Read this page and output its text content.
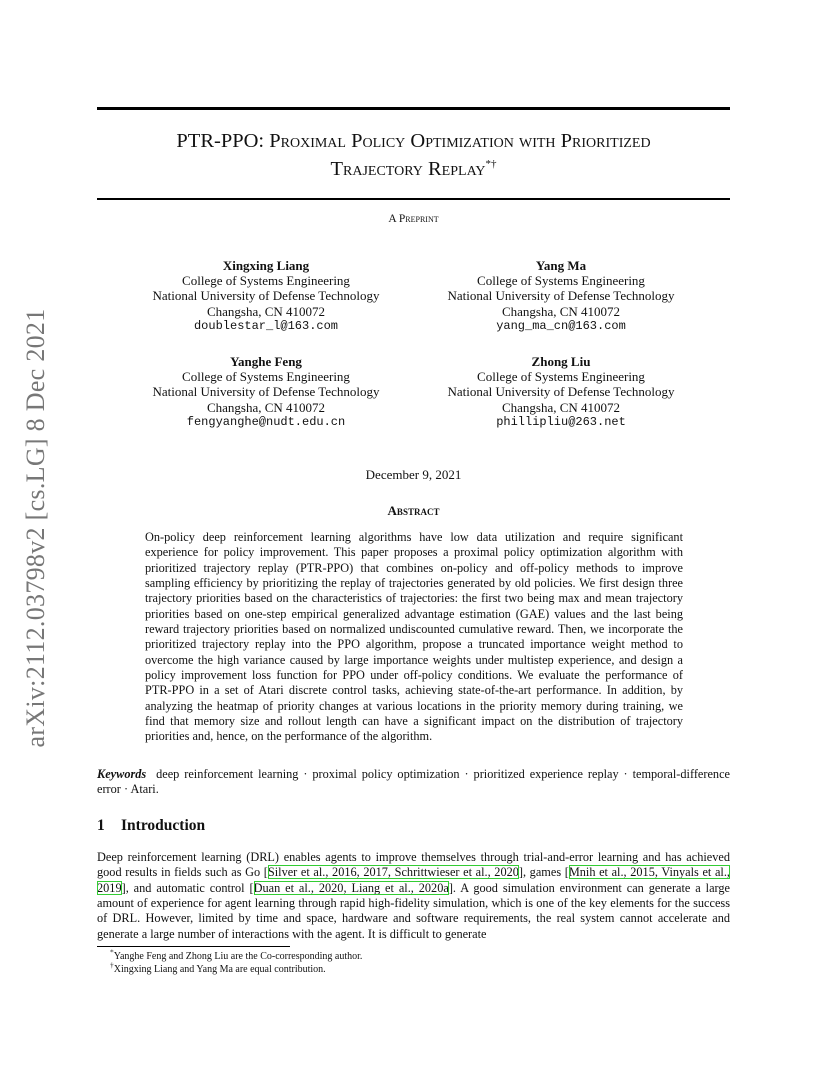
arXiv:2112.03798v2 [cs.LG] 8 Dec 2021
PTR-PPO: Proximal Policy Optimization with Prioritized
Trajectory Replay*†
A Preprint
Xingxing Liang
College of Systems Engineering
National University of Defense Technology
Changsha, CN 410072
doublestar_l@163.com
Yang Ma
College of Systems Engineering
National University of Defense Technology
Changsha, CN 410072
yang_ma_cn@163.com
Yanghe Feng
College of Systems Engineering
National University of Defense Technology
Changsha, CN 410072
fengyanghe@nudt.edu.cn
Zhong Liu
College of Systems Engineering
National University of Defense Technology
Changsha, CN 410072
phillipliu@263.net
December 9, 2021
Abstract

On-policy deep reinforcement learning algorithms have low data utilization and require significant experience for policy improvement. This paper proposes a proximal policy optimization algorithm with prioritized trajectory replay (PTR-PPO) that combines on-policy and off-policy methods to improve sampling efficiency by prioritizing the replay of trajectories generated by old policies. We first design three trajectory priorities based on the characteristics of trajectories: the first two being max and mean trajectory priorities based on one-step empirical generalized advantage estimation (GAE) values and the last being reward trajectory priorities based on normalized undiscounted cumulative reward. Then, we incorporate the prioritized trajectory replay into the PPO algorithm, propose a truncated importance weight method to overcome the high variance caused by large importance weights under multistep experience, and design a policy improvement loss function for PPO under off-policy conditions. We evaluate the performance of PTR-PPO in a set of Atari discrete control tasks, achieving state-of-the-art performance. In addition, by analyzing the heatmap of priority changes at various locations in the priority memory during training, we find that memory size and rollout length can have a significant impact on the distribution of trajectory priorities and, hence, on the performance of the algorithm.

Keywords deep reinforcement learning · proximal policy optimization · prioritized experience replay · temporal-difference error · Atari.

1 Introduction

Deep reinforcement learning (DRL) enables agents to improve themselves through trial-and-error learning and has achieved good results in fields such as Go [Silver et al., 2016, 2017, Schrittwieser et al., 2020], games [Mnih et al., 2015, Vinyals et al., 2019], and automatic control [Duan et al., 2020, Liang et al., 2020a]. A good simulation environment can generate a large amount of experience for agent learning through rapid high-fidelity simulation, which is one of the key elements for the success of DRL. However, limited by time and space, hardware and software requirements, the real system cannot accelerate and generate a large number of interactions with the agent. It is difficult to generate

*Yanghe Feng and Zhong Liu are the Co-corresponding author.
†Xingxing Liang and Yang Ma are equal contribution.
